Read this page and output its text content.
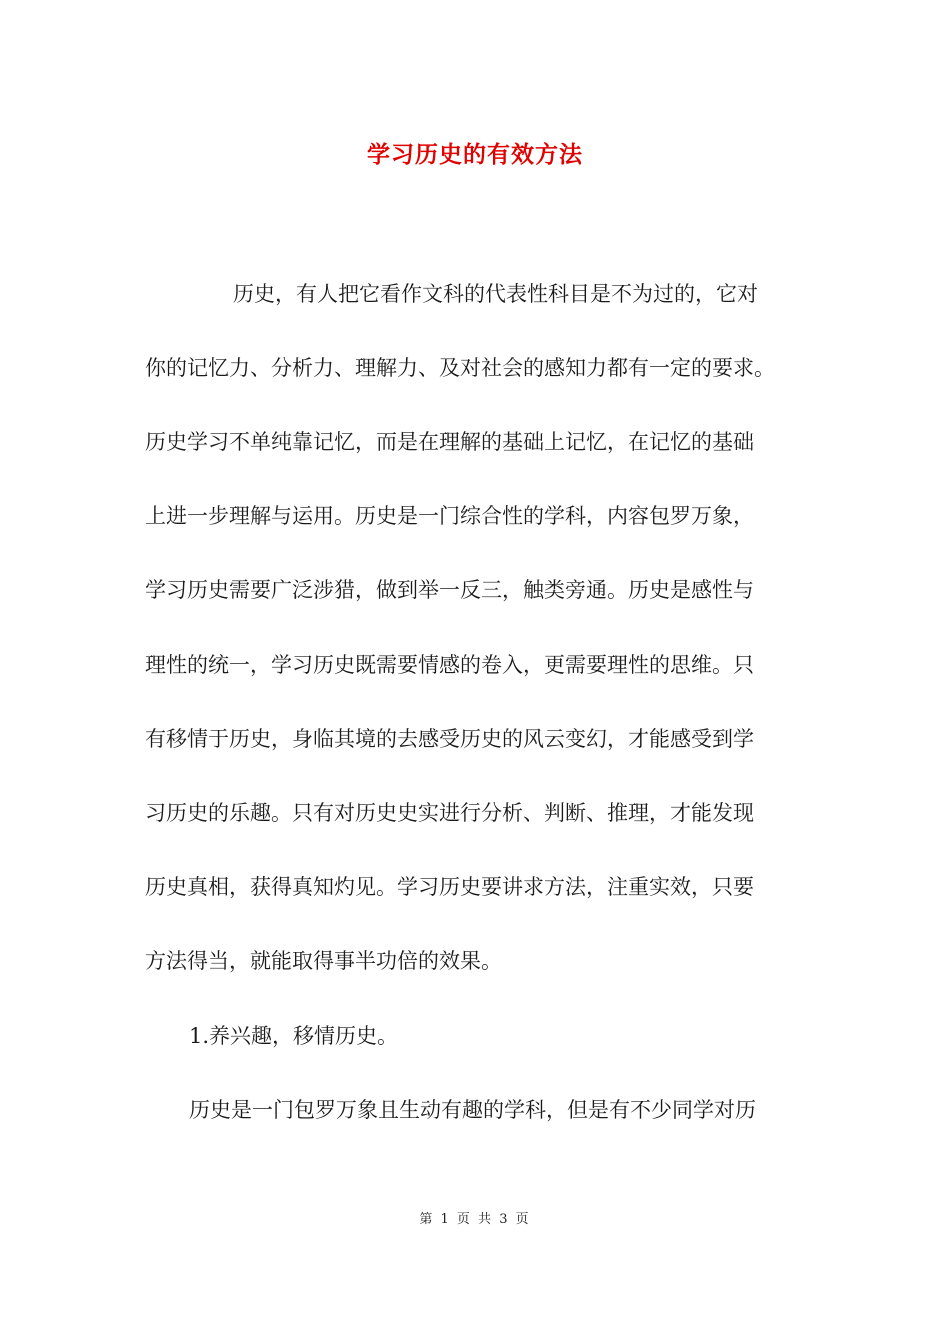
学习历史的有效方法
历史，有人把它看作文科的代表性科目是不为过的，它对
你的记忆力、分析力、理解力、及对社会的感知力都有一定的要求。
历史学习不单纯靠记忆，而是在理解的基础上记忆，在记忆的基础
上进一步理解与运用。历史是一门综合性的学科，内容包罗万象，
学习历史需要广泛涉猎，做到举一反三，触类旁通。历史是感性与
理性的统一，学习历史既需要情感的卷入，更需要理性的思维。只
有移情于历史，身临其境的去感受历史的风云变幻，才能感受到学
习历史的乐趣。只有对历史史实进行分析、判断、推理，才能发现
历史真相，获得真知灼见。学习历史要讲求方法，注重实效，只要
方法得当，就能取得事半功倍的效果。
1.养兴趣，移情历史。
历史是一门包罗万象且生动有趣的学科，但是有不少同学对历
第 1 页 共 3 页
